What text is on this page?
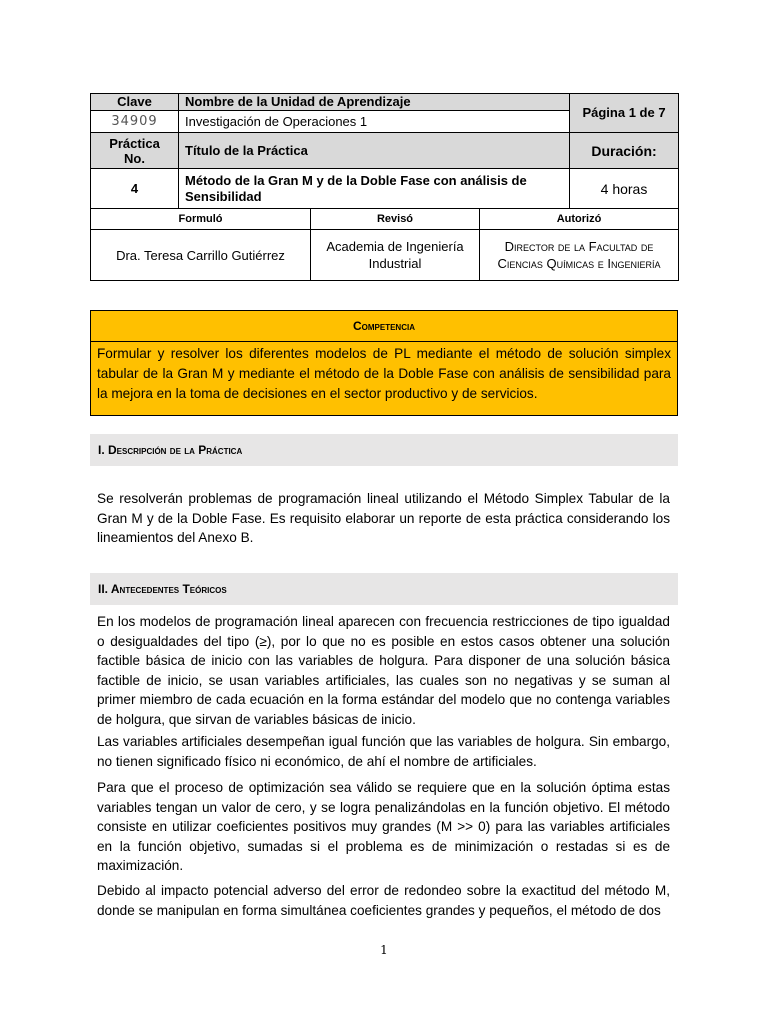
Clave	Nombre de la Unidad de Aprendizaje	Página 1 de 7
34909	Investigación de Operaciones 1	
Práctica No.	Título de la Práctica	Duración:
4	Método de la Gran M y de la Doble Fase con análisis de Sensibilidad	4 horas
Formuló	Revisó	Autorizó
Dra. Teresa Carrillo Gutiérrez	Academia de Ingeniería Industrial	Director de la Facultad de Ciencias Químicas e Ingeniería
Competencia
Formular y resolver los diferentes modelos de PL mediante el método de solución simplex tabular de la Gran M y mediante el método de la Doble Fase con análisis de sensibilidad para la mejora en la toma de decisiones en el sector productivo y de servicios.
I. Descripción de la Práctica
Se resolverán problemas de programación lineal utilizando el Método Simplex Tabular de la Gran M y de la Doble Fase. Es requisito elaborar un reporte de esta práctica considerando los lineamientos del Anexo B.
II. Antecedentes Teóricos
En los modelos de programación lineal aparecen con frecuencia restricciones de tipo igualdad o desigualdades del tipo (≥), por lo que no es posible en estos casos obtener una solución factible básica de inicio con las variables de holgura. Para disponer de una solución básica factible de inicio, se usan variables artificiales, las cuales son no negativas y se suman al primer miembro de cada ecuación en la forma estándar del modelo que no contenga variables de holgura, que sirvan de variables básicas de inicio.
Las variables artificiales desempeñan igual función que las variables de holgura. Sin embargo, no tienen significado físico ni económico, de ahí el nombre de artificiales.
Para que el proceso de optimización sea válido se requiere que en la solución óptima estas variables tengan un valor de cero, y se logra penalizándolas en la función objetivo. El método consiste en utilizar coeficientes positivos muy grandes (M >> 0) para las variables artificiales en la función objetivo, sumadas si el problema es de minimización o restadas si es de maximización.
Debido al impacto potencial adverso del error de redondeo sobre la exactitud del método M, donde se manipulan en forma simultánea coeficientes grandes y pequeños, el método de dos
1
